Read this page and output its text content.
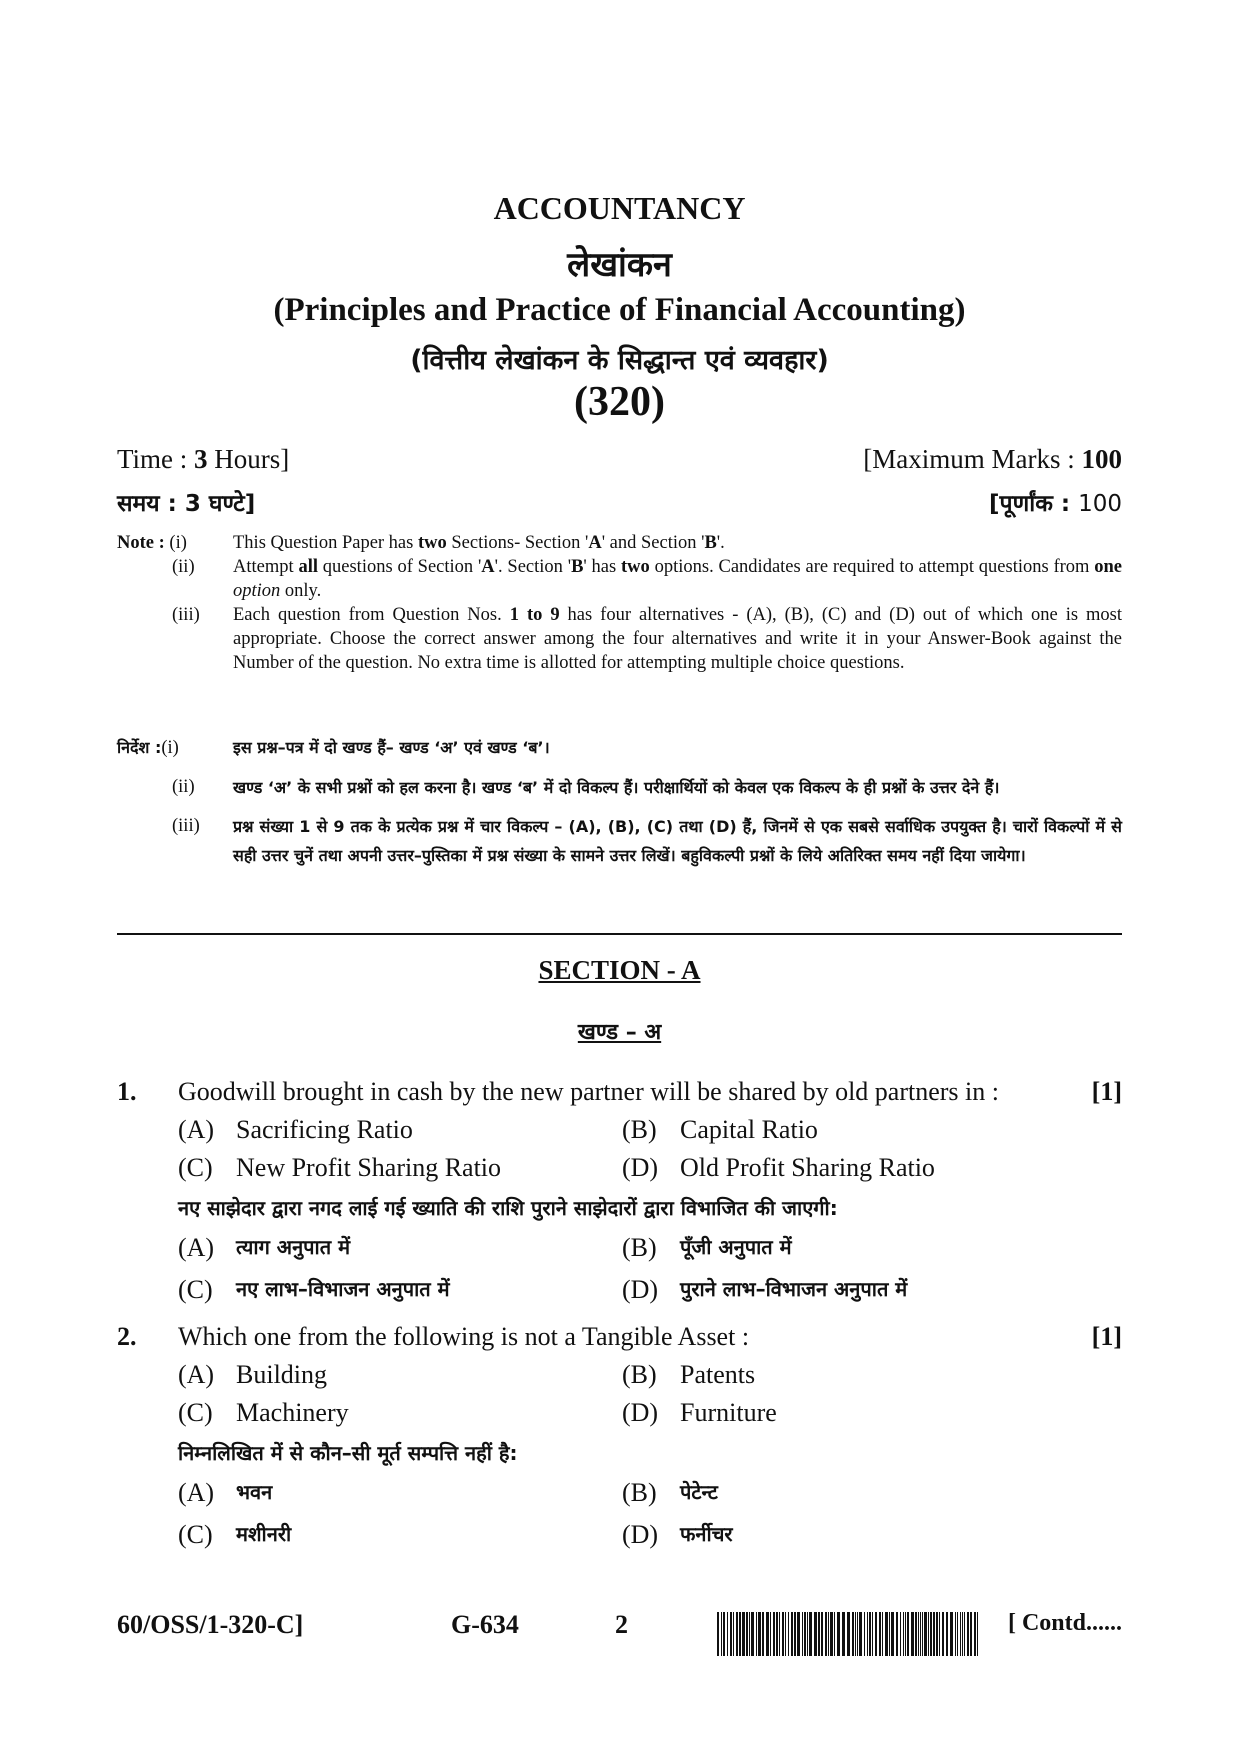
ACCOUNTANCY
लेखांकन
(Principles and Practice of Financial Accounting)
(वित्तीय लेखांकन के सिद्धान्त एवं व्यवहार)
(320)
Time : 3 Hours]	[Maximum Marks : 100
समय : 3 घण्टे]	[पूर्णांक : 100
Note : (i)	This Question Paper has two Sections- Section 'A' and Section 'B'.
(ii)	Attempt all questions of Section 'A'. Section 'B' has two options. Candidates are required to attempt questions from one option only.
(iii)	Each question from Question Nos. 1 to 9 has four alternatives - (A), (B), (C) and (D) out of which one is most appropriate. Choose the correct answer among the four alternatives and write it in your Answer-Book against the Number of the question. No extra time is allotted for attempting multiple choice questions.
निर्देश :(i)	इस प्रश्न–पत्र में दो खण्ड हैं– खण्ड ‘अ’ एवं खण्ड ‘ब’।
(ii)	खण्ड ‘अ’ के सभी प्रश्नों को हल करना है। खण्ड ‘ब’ में दो विकल्प हैं। परीक्षार्थियों को केवल एक विकल्प के ही प्रश्नों के उत्तर देने हैं।
(iii)	प्रश्न संख्या 1 से 9 तक के प्रत्येक प्रश्न में चार विकल्प – (A), (B), (C) तथा (D) हैं, जिनमें से एक सबसे सर्वाधिक उपयुक्त है। चारों विकल्पों में से सही उत्तर चुनें तथा अपनी उत्तर–पुस्तिका में प्रश्न संख्या के सामने उत्तर लिखें। बहुविकल्पी प्रश्नों के लिये अतिरिक्त समय नहीं दिया जायेगा।
SECTION - A
खण्ड – अ
1.	Goodwill brought in cash by the new partner will be shared by old partners in :	[1]
(A) Sacrificing Ratio	(B) Capital Ratio
(C) New Profit Sharing Ratio	(D) Old Profit Sharing Ratio
नए साझेदार द्वारा नगद लाई गई ख्याति की राशि पुराने साझेदारों द्वारा विभाजित की जाएगी:
(A)	त्याग अनुपात में	(B)	पूँजी अनुपात में
(C)	नए लाभ–विभाजन अनुपात में	(D)	पुराने लाभ–विभाजन अनुपात में
2.	Which one from the following is not a Tangible Asset :	[1]
(A) Building	(B) Patents
(C) Machinery	(D) Furniture
निम्नलिखित में से कौन–सी मूर्त सम्पत्ति नहीं है:
(A)	भवन	(B)	पेटेन्ट
(C)	मशीनरी	(D)	फर्नीचर
60/OSS/1-320-C]	G-634	2	[ Contd......
